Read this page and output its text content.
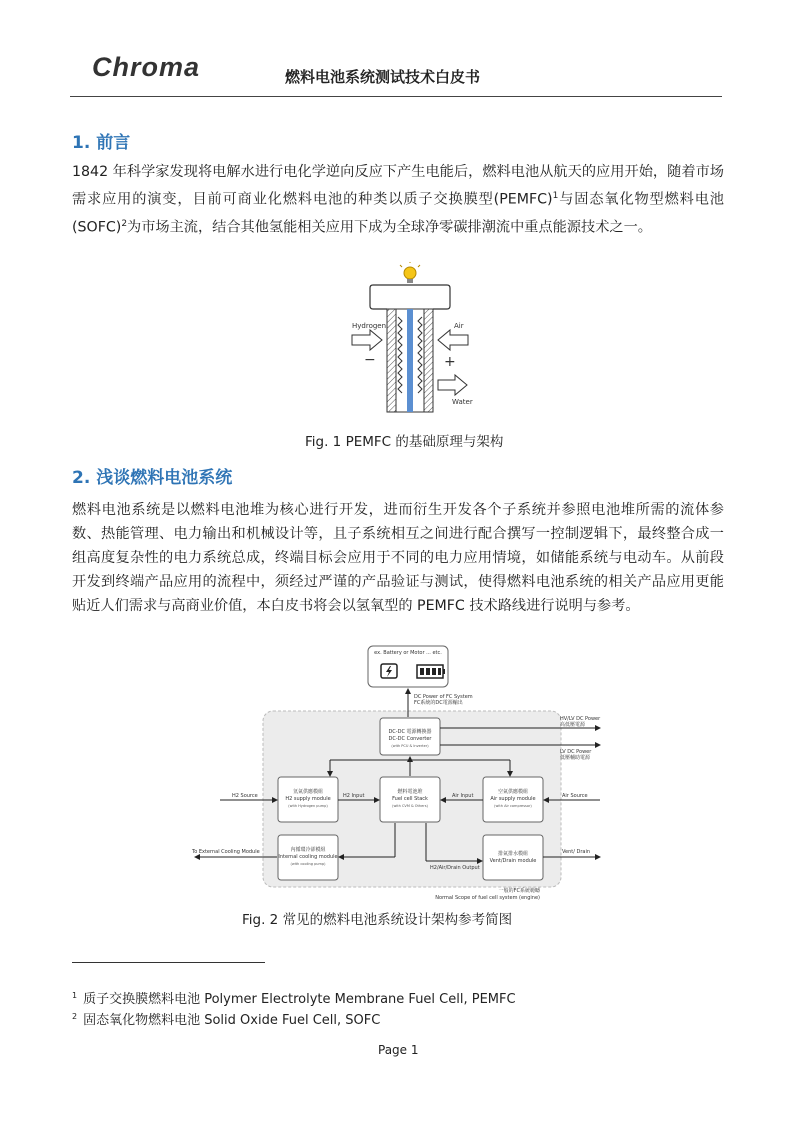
Chroma	燃料电池系统测试技术白皮书
1. 前言
1842 年科学家发现将电解水进行电化学逆向反应下产生电能后，燃料电池从航天的应用开始，随着市场需求应用的演变，目前可商业化燃料电池的种类以质子交换膜型(PEMFC)$^1$与固态氧化物型燃料电池(SOFC)$^2$为市场主流，结合其他氢能相关应用下成为全球净零碳排潮流中重点能源技术之一。
Hydrogen	Air
Water
−	+
Fig. 1 PEMFC 的基础原理与架构
2. 浅谈燃料电池系统
燃料电池系统是以燃料电池堆为核心进行开发，进而衍生开发各个子系统并参照电池堆所需的流体参数、热能管理、电力输出和机械设计等，且子系统相互之间进行配合撰写一控制逻辑下，最终整合成一组高度复杂性的电力系统总成，终端目标会应用于不同的电力应用情境，如储能系统与电动车。从前段开发到终端产品应用的流程中，须经过严谨的产品验证与测试，使得燃料电池系统的相关产品应用更能贴近人们需求与高商业价值，本白皮书将会以氢氧型的 PEMFC 技术路线进行说明与参考。
ex. Battery or Motor ... etc.
DC Power of FC System
FC系統的DC電源輸出
DC-DC 電源轉換器
DC-DC Converter
(with PCU & Inverter)
HV/LV DC Power
高低壓電源
LV DC Power
低壓輔助電源
氫氣供應模組
H2 supply module
(with Hydrogen pump)
燃料電池堆
Fuel cell Stack
(with CVM & Others)
空氣供應模組
Air supply module
(with Air compressor)
H2 Source	H2 Input	Air Input	Air Source
內循環冷卻模組
Internal cooling module
(with cooling pump)
排氣排水模組
Vent/Drain module
To External Cooling Module
H2/Air/Drain Output
Vent/ Drain
一般的FC系統範疇
Normal Scope of fuel cell system (engine)
Fig. 2 常见的燃料电池系统设计架构参考简图
$^1$ 质子交换膜燃料电池 Polymer Electrolyte Membrane Fuel Cell, PEMFC
$^2$ 固态氧化物燃料电池 Solid Oxide Fuel Cell, SOFC
Page 1
